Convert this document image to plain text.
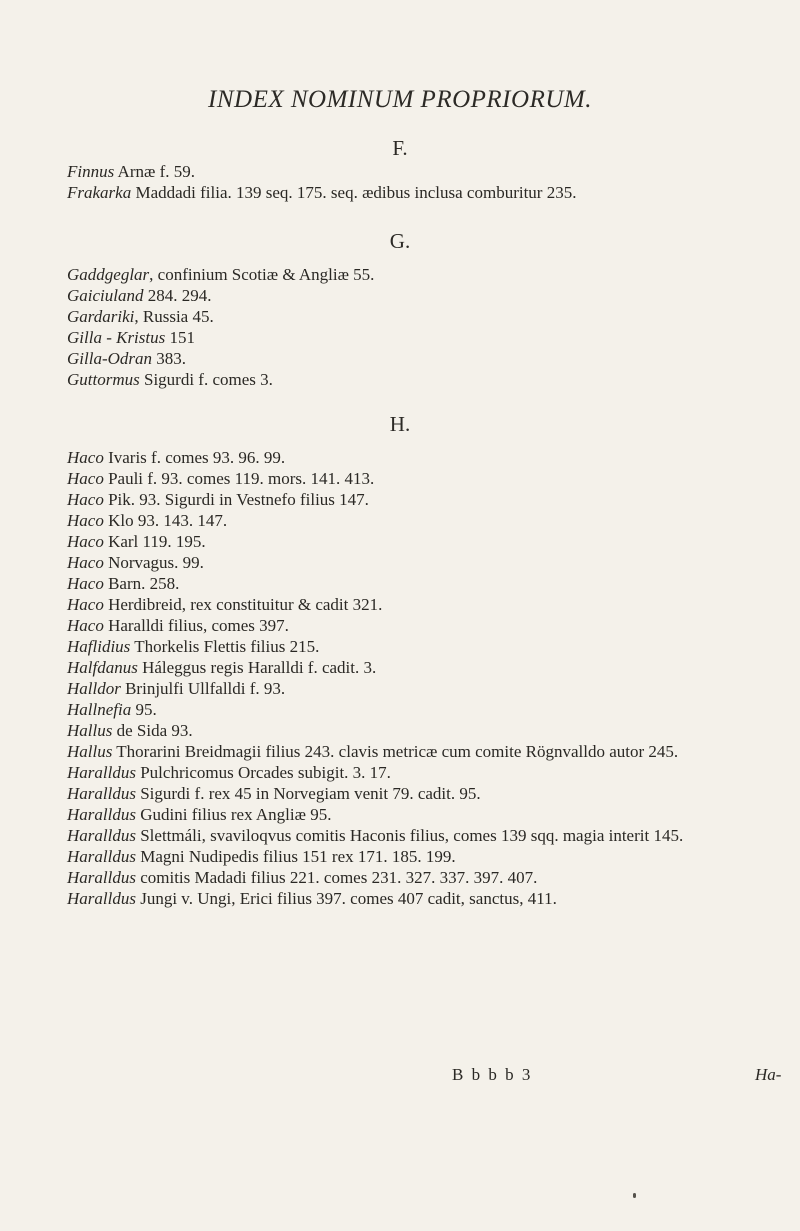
INDEX NOMINUM PROPRIORUM.
F.
Finnus Arnæ f. 59.
Frakarka Maddadi filia. 139 seq. 175. seq. ædibus inclusa comburitur 235.
G.
Gaddgeglar, confinium Scotiæ & Angliæ 55.
Gaiciuland 284. 294.
Gardariki, Russia 45.
Gilla - Kristus 151
Gilla-Odran 383.
Guttormus Sigurdi f. comes 3.
H.
Haco Ivaris f. comes 93. 96. 99.
Haco Pauli f. 93. comes 119. mors. 141. 413.
Haco Pik. 93. Sigurdi in Vestnefo filius 147.
Haco Klo 93. 143. 147.
Haco Karl 119. 195.
Haco Norvagus. 99.
Haco Barn. 258.
Haco Herdibreid, rex constituitur & cadit 321.
Haco Haralldi filius, comes 397.
Haflidius Thorkelis Flettis filius 215.
Halfdanus Háleggus regis Haralldi f. cadit. 3.
Halldor Brinjulfi Ullfalldi f. 93.
Hallnefia 95.
Hallus de Sida 93.
Hallus Thorarini Breidmagii filius 243. clavis metricæ cum comite Rögnvalldo autor 245.
Haralldus Pulchricomus Orcades subigit. 3. 17.
Haralldus Sigurdi f. rex 45 in Norvegiam venit 79. cadit. 95.
Haralldus Gudini filius rex Angliæ 95.
Haralldus Slettmáli, svaviloqvus comitis Haconis filius, comes 139 sqq. magia interit 145.
Haralldus Magni Nudipedis filius 151 rex 171. 185. 199.
Haralldus comitis Madadi filius 221. comes 231. 327. 337. 397. 407.
Haralldus Jungi v. Ungi, Erici filius 397. comes 407 cadit, sanctus, 411.
B b b b 3	Ha-
